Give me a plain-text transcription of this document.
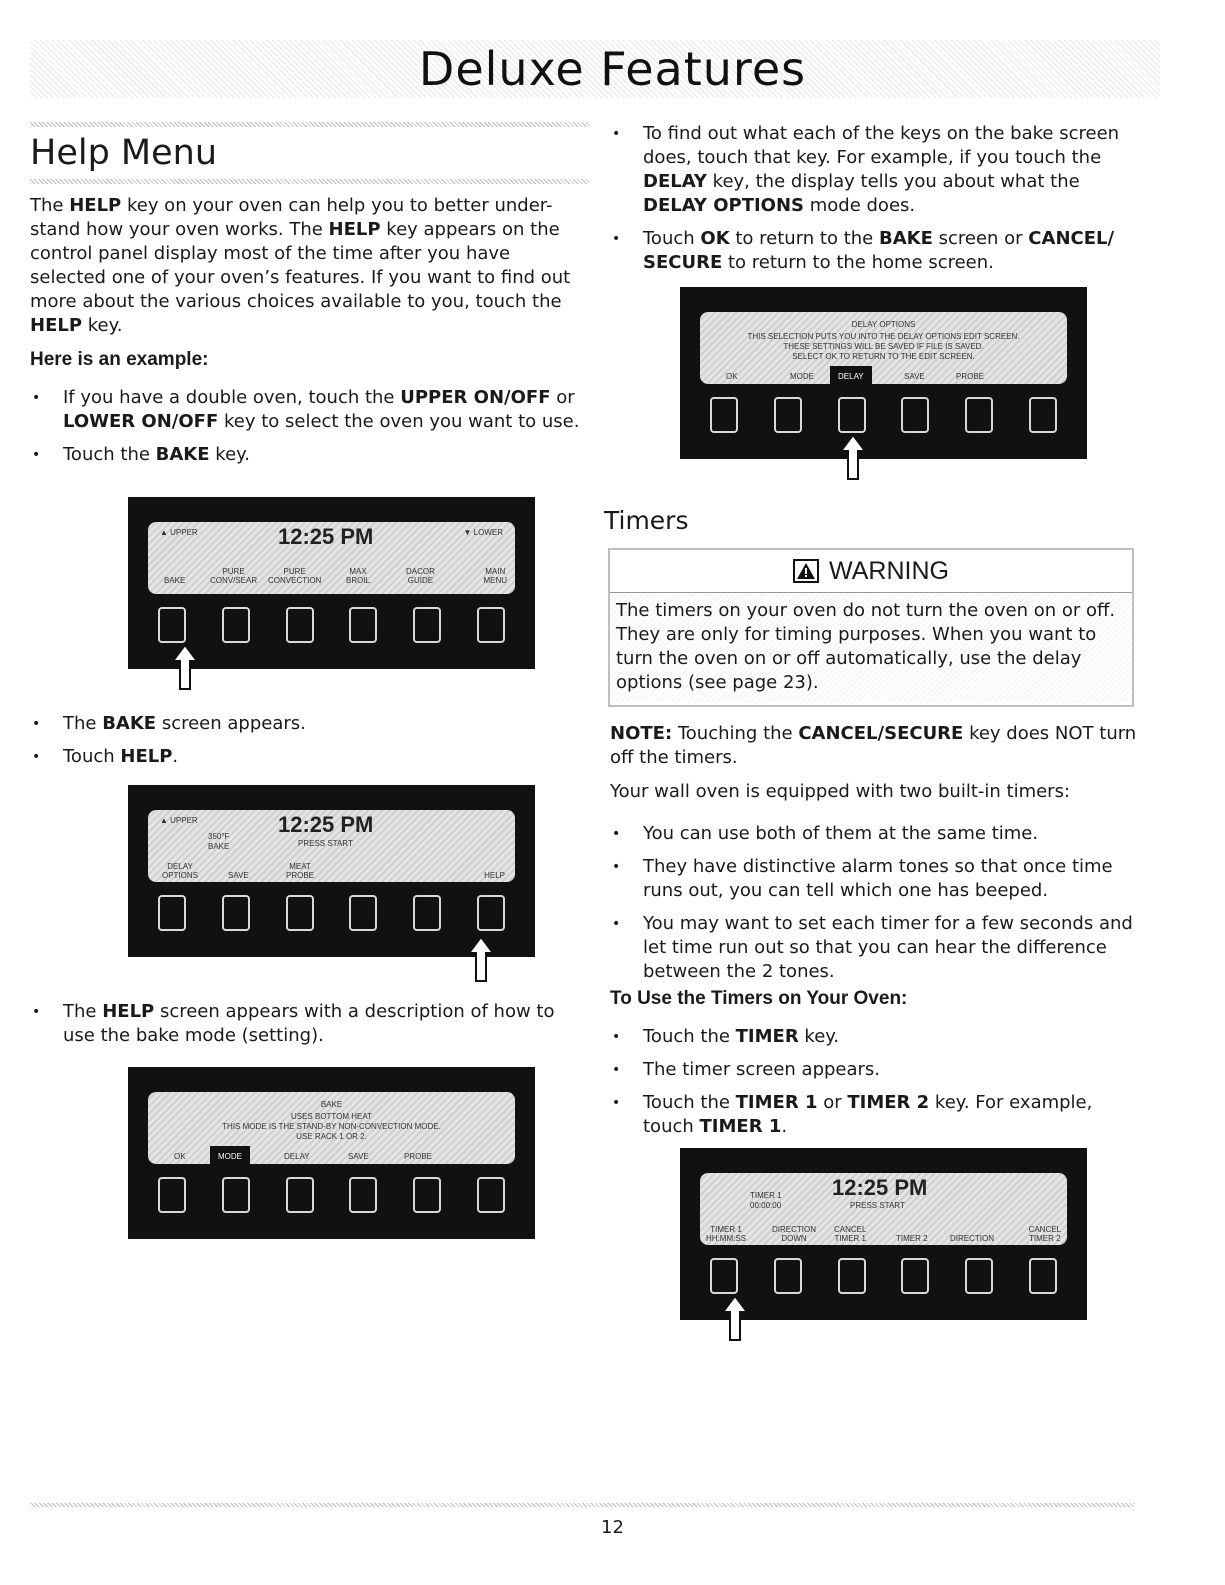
Deluxe Features
Help Menu

The HELP key on your oven can help you to better under-stand how your oven works. The HELP key appears on the control panel display most of the time after you have selected one of your oven’s features. If you want to find out more about the various choices available to you, touch the HELP key.

Here is an example:

• If you have a double oven, touch the UPPER ON/OFF or LOWER ON/OFF key to select the oven you want to use.
• Touch the BAKE key.
• The BAKE screen appears.
• Touch HELP.
• The HELP screen appears with a description of how to use the bake mode (setting).
▲ UPPER	12:25 PM	▼ LOWER
BAKE
PURE
CONV/SEAR
PURE
CONVECTION
MAX
BROIL
DACOR
GUIDE
MAIN
MENU
▲ UPPER
350°F
BAKE
12:25 PM
PRESS START
DELAY
OPTIONS	SAVE
MEAT
PROBE	HELP
BAKE
USES BOTTOM HEAT
THIS MODE IS THE STAND-BY NON-CONVECTION MODE.
USE RACK 1 OR 2.
OK	MODE	DELAY	SAVE	PROBE
• To find out what each of the keys on the bake screen does, touch that key. For example, if you touch the DELAY key, the display tells you about what the DELAY OPTIONS mode does.
• Touch OK to return to the BAKE screen or CANCEL/ SECURE to return to the home screen.
DELAY OPTIONS
THIS SELECTION PUTS YOU INTO THE DELAY OPTIONS EDIT SCREEN.
THESE SETTINGS WILL BE SAVED IF FILE IS SAVED.
SELECT OK TO RETURN TO THE EDIT SCREEN.
OK	MODE	DELAY	SAVE	PROBE
Timers
WARNING
The timers on your oven do not turn the oven on or off. They are only for timing purposes. When you want to turn the oven on or off automatically, use the delay options (see page 23).

NOTE: Touching the CANCEL/SECURE key does NOT turn off the timers.

Your wall oven is equipped with two built-in timers:

• You can use both of them at the same time.
• They have distinctive alarm tones so that once time runs out, you can tell which one has beeped.
• You may want to set each timer for a few seconds and let time run out so that you can hear the difference between the 2 tones.

To Use the Timers on Your Oven:

• Touch the TIMER key.
• The timer screen appears.
• Touch the TIMER 1 or TIMER 2 key. For example, touch TIMER 1.
TIMER 1
00:00:00
12:25 PM
PRESS START
TIMER 1
HH:MM:SS
DIRECTION
DOWN
CANCEL
TIMER 1	TIMER 2	DIRECTION
CANCEL
TIMER 2
12
